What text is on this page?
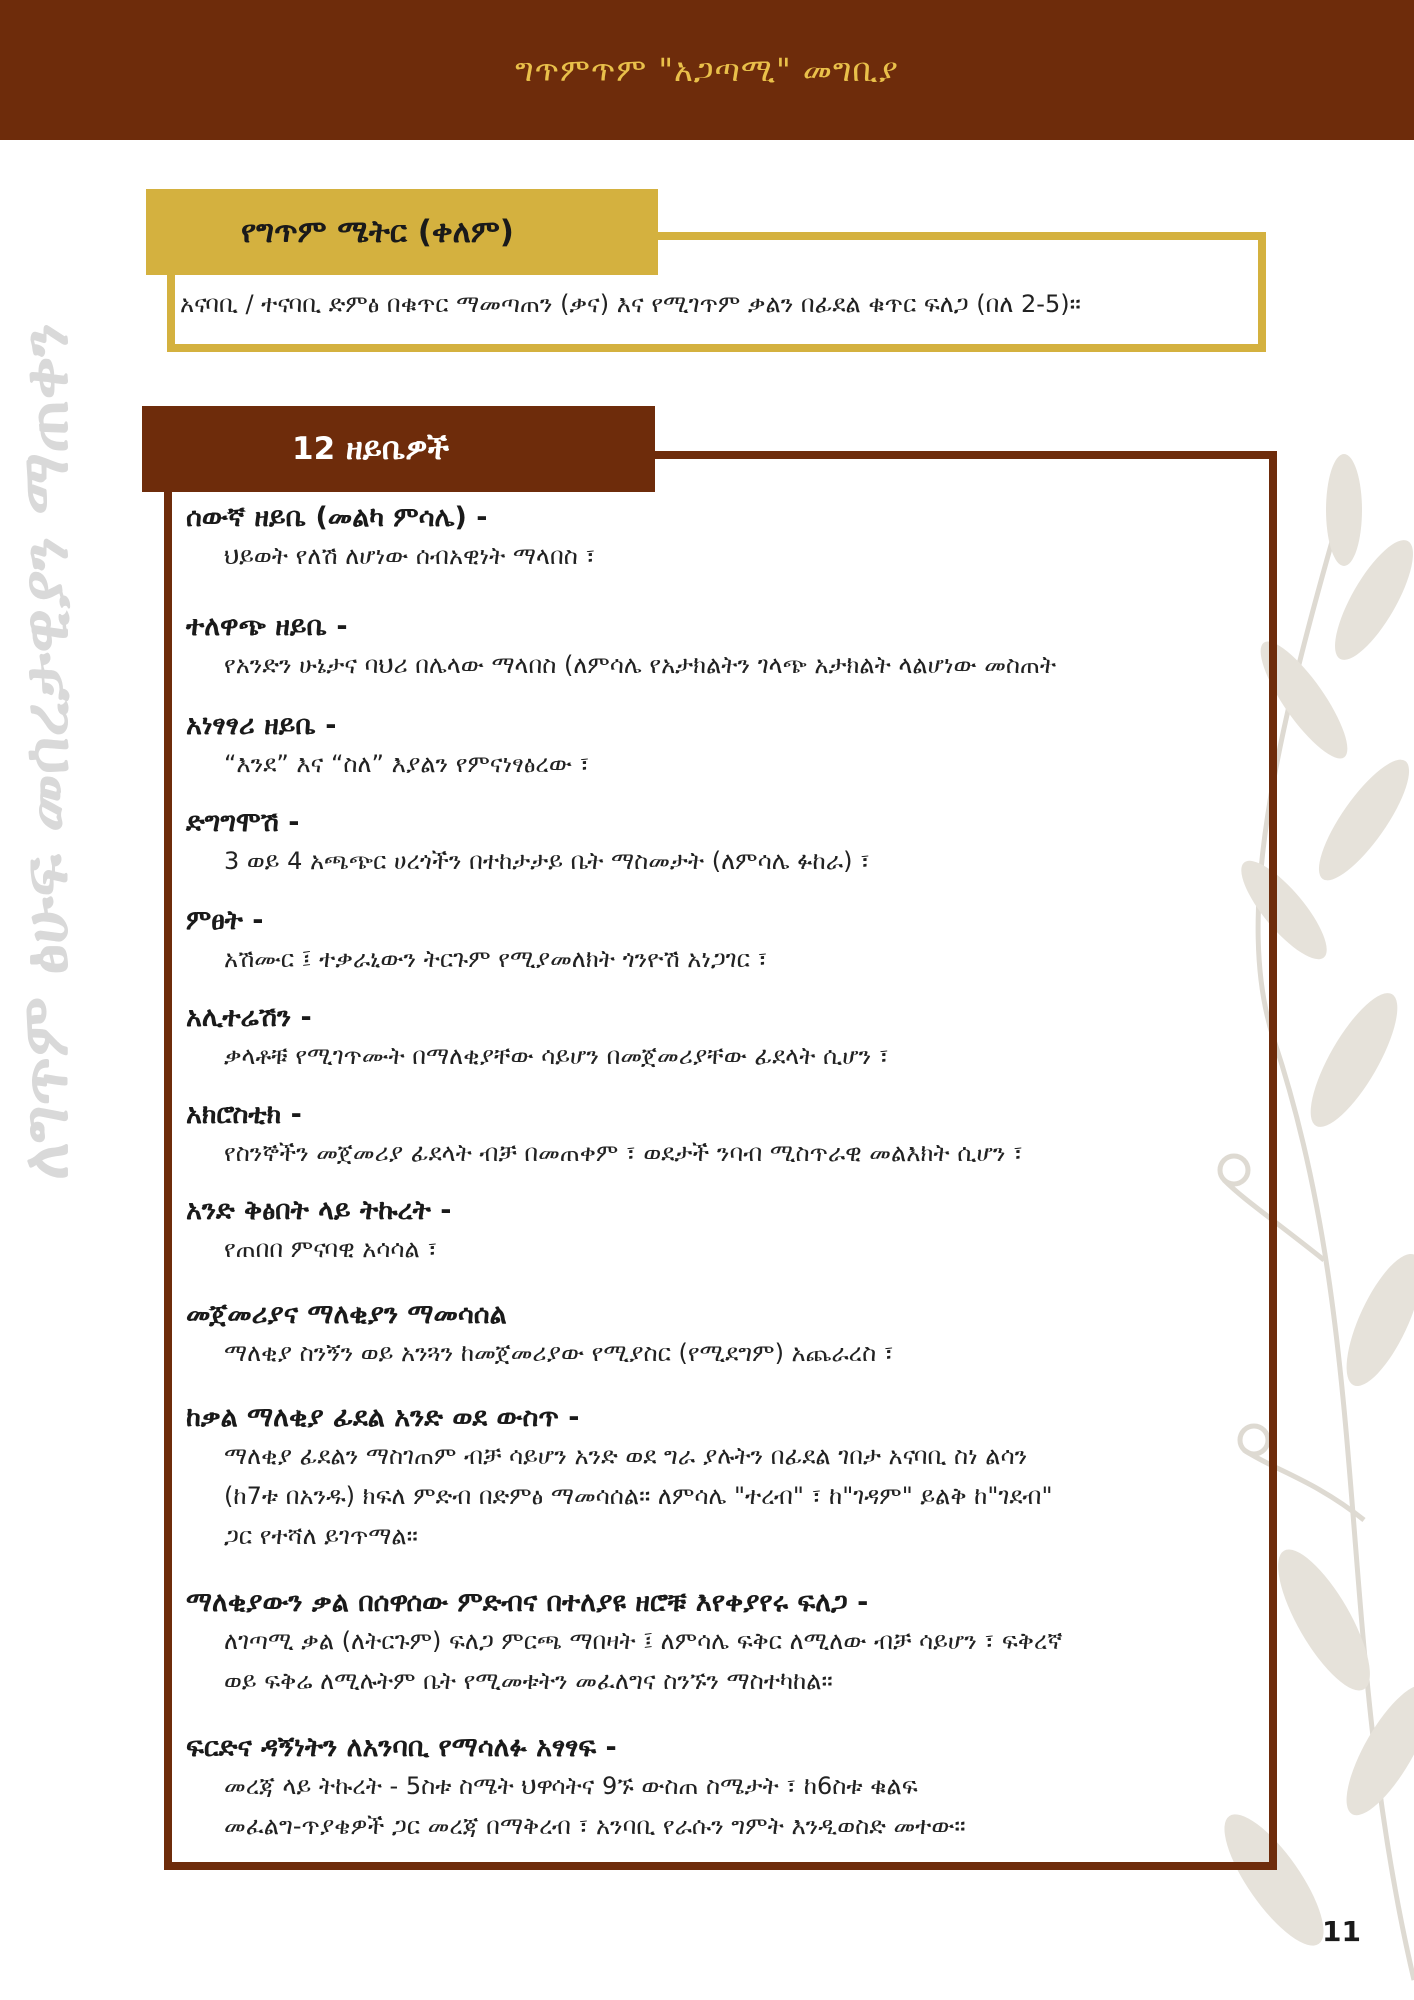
ግጥምጥም "አጋጣሚ" መግቢያ
ለግጥም ፅሁፍ መሰረታዊያን ማጠቀን
የግጥም ሜትር (ቀለም)
አናባቢ / ተናባቢ ድምፅ በቁጥር ማመጣጠን (ቃና) እና የሚገጥም ቃልን በፊደል ቁጥር ፍለጋ (በለ 2-5)።
12 ዘይቤዎች
ሰውኛ ዘይቤ (መልካ ምሳሌ) -
ህይወት የለሽ ለሆነው ሰብአዊነት ማላበስ ፣
ተለዋጭ ዘይቤ -
የአንድን ሁኔታና ባህሪ በሌላው ማላበስ (ለምሳሌ የአታክልትን ገላጭ አታክልት ላልሆነው መስጠት
አነፃፃሪ ዘይቤ -
“እንደ” እና “ስለ” እያልን የምናነፃፅረው ፣
ድግግሞሽ -
3 ወይ 4 አጫጭር ሀረጎችን በተከታታይ ቤት ማስመታት (ለምሳሌ ፉከራ) ፣
ምፀት -
አሽሙር ፤ ተቃራኒውን ትርጉም የሚያመለክት ጎንዮሽ አነጋገር ፣
አሊተሬሽን -
ቃላቶቹ የሚገጥሙት በማለቂያቸው ሳይሆን በመጀመሪያቸው ፊደላት ሲሆን ፣
አክሮስቲክ -
የስንኞችን መጀመሪያ ፊደላት ብቻ በመጠቀም ፣ ወደታች ንባብ ሚስጥራዊ መልእክት ሲሆን ፣
አንድ ቅፅበት ላይ ትኩረት -
የጠበበ ምናባዊ አሳሳል ፣
መጀመሪያና ማለቂያን ማመሳሰል
ማለቂያ ስንኝን ወይ አንጓን ከመጀመሪያው የሚያስር (የሚደግም) አጨራረስ ፣
ከቃል ማለቂያ ፊደል አንድ ወደ ውስጥ -
ማለቂያ ፊደልን ማስገጠም ብቻ ሳይሆን አንድ ወደ ግራ ያሉትን በፊደል ገበታ አናባቢ ስነ ልሳን
(ከ7ቱ በአንዱ) ክፍለ ምድብ በድምፅ ማመሳሰል። ለምሳሌ "ተረብ" ፣ ከ"ገዳም" ይልቅ ከ"ገደብ"
ጋር የተሻለ ይገጥማል።
ማለቂያውን ቃል በሰዋሰው ምድብና በተለያዩ ዘሮቹ እየቀያየሩ ፍለጋ -
ለገጣሚ ቃል (ለትርጉም) ፍለጋ ምርጫ ማበዛት ፤ ለምሳሌ ፍቅር ለሚለው ብቻ ሳይሆን ፣ ፍቅረኛ
ወይ ፍቅሬ ለሚሉትም ቤት የሚመቱትን መፈለግና ስንኙን ማስተካከል።
ፍርድና ዳኝነትን ለአንባቢ የማሳለፉ አፃፃፍ -
መረጃ ላይ ትኩረት - 5ስቱ ስሜት ህዋሳትና 9ኙ ውስጠ ስሜታት ፣ ከ6ስቱ ቁልፍ
መፈልግ-ጥያቄዎች ጋር መረጃ በማቅረብ ፣ አንባቢ የራሱን ግምት እንዲወስድ መተው።
11
